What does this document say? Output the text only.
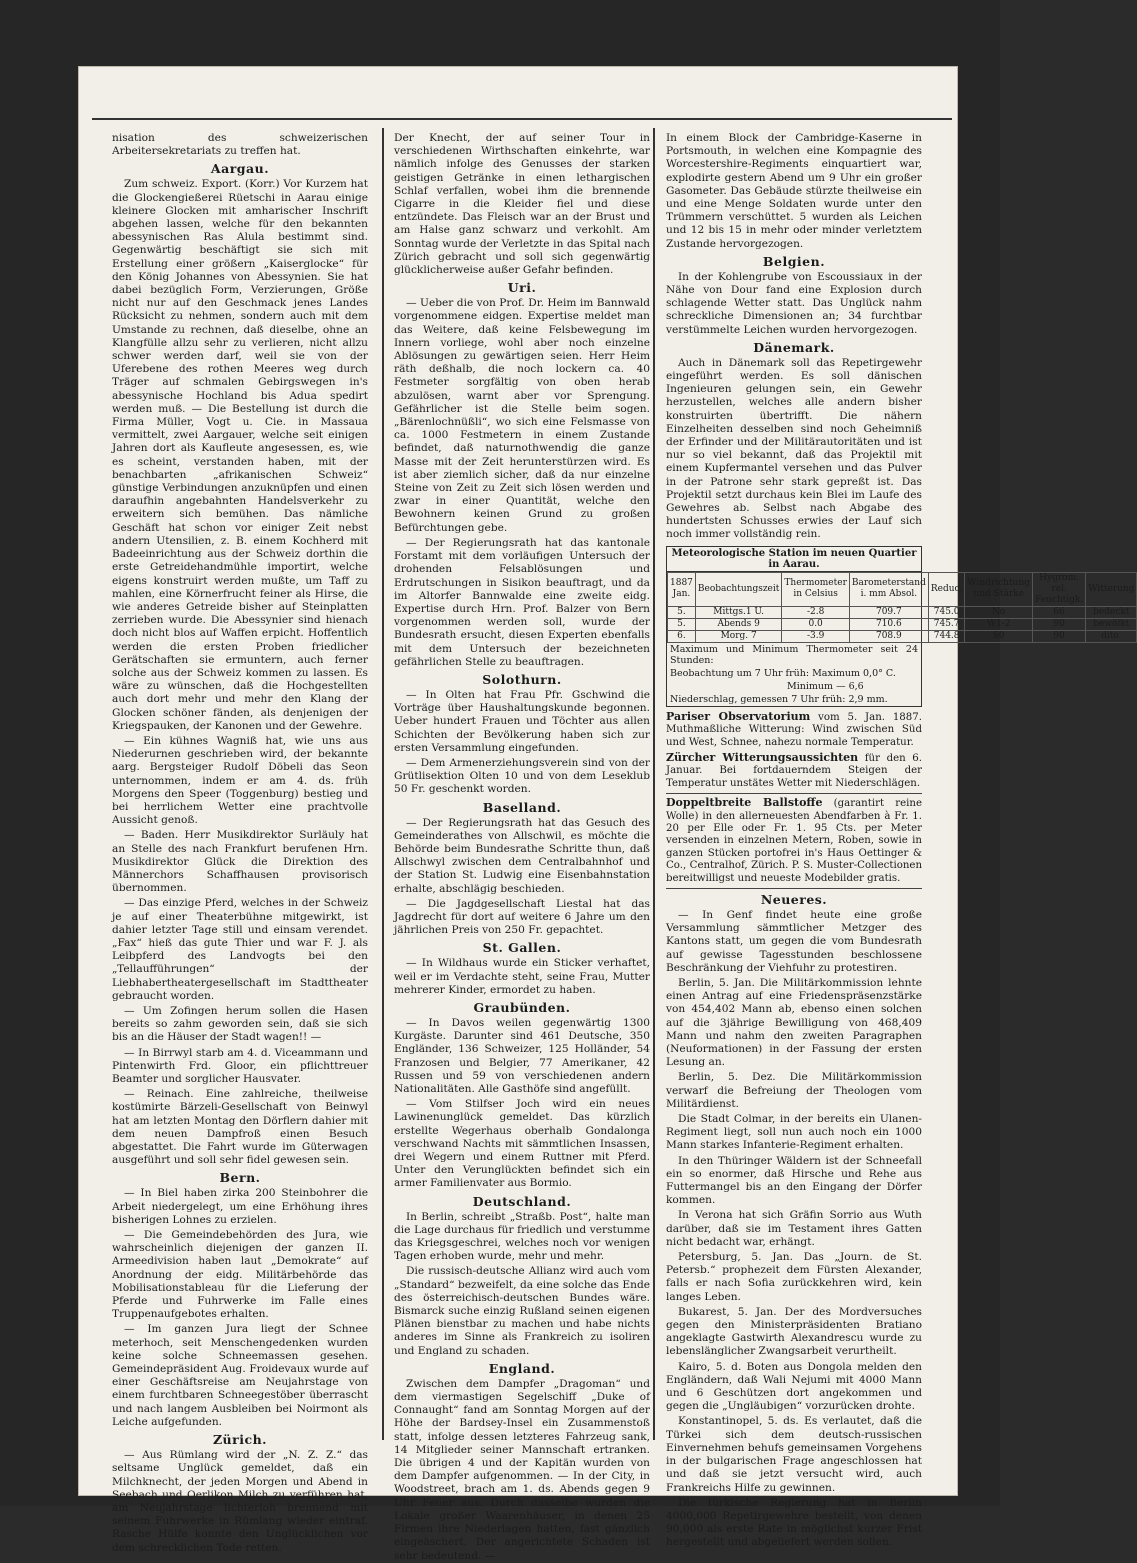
nisation des schweizerischen Arbeitersekretariats zu treffen hat.

Aargau.

Zum schweiz. Export. (Korr.) Vor Kurzem hat die Glockengießerei Rüetschi in Aarau einige kleinere Glocken mit amharischer Inschrift abgehen lassen, welche für den bekannten abessynischen Ras Alula bestimmt sind. Gegenwärtig beschäftigt sie sich mit Erstellung einer größern „Kaiserglocke“ für den König Johannes von Abessynien. Sie hat dabei bezüglich Form, Verzierungen, Größe nicht nur auf den Geschmack jenes Landes Rücksicht zu nehmen, sondern auch mit dem Umstande zu rechnen, daß dieselbe, ohne an Klangfülle allzu sehr zu verlieren, nicht allzu schwer werden darf, weil sie von der Uferebene des rothen Meeres weg durch Träger auf schmalen Gebirgswegen in's abessynische Hochland bis Adua spedirt werden muß. — Die Bestellung ist durch die Firma Müller, Vogt u. Cie. in Massaua vermittelt, zwei Aargauer, welche seit einigen Jahren dort als Kaufleute angesessen, es, wie es scheint, verstanden haben, mit der benachbarten „afrikanischen Schweiz“ günstige Verbindungen anzuknüpfen und einen daraufhin angebahnten Handelsverkehr zu erweitern sich bemühen. Das nämliche Geschäft hat schon vor einiger Zeit nebst andern Utensilien, z. B. einem Kochherd mit Badeeinrichtung aus der Schweiz dorthin die erste Getreidehandmühle importirt, welche eigens konstruirt werden mußte, um Taff zu mahlen, eine Körnerfrucht feiner als Hirse, die wie anderes Getreide bisher auf Steinplatten zerrieben wurde. Die Abessynier sind hienach doch nicht blos auf Waffen erpicht. Hoffentlich werden die ersten Proben friedlicher Gerätschaften sie ermuntern, auch ferner solche aus der Schweiz kommen zu lassen. Es wäre zu wünschen, daß die Hochgestellten auch dort mehr und mehr den Klang der Glocken schöner fänden, als denjenigen der Kriegspauken, der Kanonen und der Gewehre.

— Ein kühnes Wagniß hat, wie uns aus Niederurnen geschrieben wird, der bekannte aarg. Bergsteiger Rudolf Döbeli das Seon unternommen, indem er am 4. ds. früh Morgens den Speer (Toggenburg) bestieg und bei herrlichem Wetter eine prachtvolle Aussicht genoß.

— Baden. Herr Musikdirektor Surläuly hat an Stelle des nach Frankfurt berufenen Hrn. Musikdirektor Glück die Direktion des Männerchors Schaffhausen provisorisch übernommen.

— Das einzige Pferd, welches in der Schweiz je auf einer Theaterbühne mitgewirkt, ist dahier letzter Tage still und einsam verendet. „Fax“ hieß das gute Thier und war F. J. als Leibpferd des Landvogts bei den „Tellaufführungen“ der Liebhabertheatergesellschaft im Stadttheater gebraucht worden.

— Um Zofingen herum sollen die Hasen bereits so zahm geworden sein, daß sie sich bis an die Häuser der Stadt wagen!! —

— In Birrwyl starb am 4. d. Viceammann und Pintenwirth Frd. Gloor, ein pflichttreuer Beamter und sorglicher Hausvater.

— Reinach. Eine zahlreiche, theilweise kostümirte Bärzeli-Gesellschaft von Beinwyl hat am letzten Montag den Dörflern dahier mit dem neuen Dampfroß einen Besuch abgestattet. Die Fahrt wurde im Güterwagen ausgeführt und soll sehr fidel gewesen sein.

Bern.

— In Biel haben zirka 200 Steinbohrer die Arbeit niedergelegt, um eine Erhöhung ihres bisherigen Lohnes zu erzielen.

— Die Gemeindebehörden des Jura, wie wahrscheinlich diejenigen der ganzen II. Armeedivision haben laut „Demokrate“ auf Anordnung der eidg. Militärbehörde das Mobilisationstableau für die Lieferung der Pferde und Fuhrwerke im Falle eines Truppenaufgebotes erhalten.

— Im ganzen Jura liegt der Schnee meterhoch, seit Menschengedenken wurden keine solche Schneemassen gesehen. Gemeindepräsident Aug. Froidevaux wurde auf einer Geschäftsreise am Neujahrstage von einem furchtbaren Schneegestöber überrascht und nach langem Ausbleiben bei Noirmont als Leiche aufgefunden.

Zürich.

— Aus Rümlang wird der „N. Z. Z.“ das seltsame Unglück gemeldet, daß ein Milchknecht, der jeden Morgen und Abend in Seebach und Oerlikon Milch zu verführen hat, am Neujahrstage lichterloh brennend mit seinem Fuhrwerke in Rümlang wieder eintraf. Rasche Hülfe konnte den Unglücklichen vor dem schrecklichen Tode retten.

Der Knecht, der auf seiner Tour in verschiedenen Wirthschaften einkehrte, war nämlich infolge des Genusses der starken geistigen Getränke in einen lethargischen Schlaf verfallen, wobei ihm die brennende Cigarre in die Kleider fiel und diese entzündete. Das Fleisch war an der Brust und am Halse ganz schwarz und verkohlt. Am Sonntag wurde der Verletzte in das Spital nach Zürich gebracht und soll sich gegenwärtig glücklicherweise außer Gefahr befinden.

Uri.

— Ueber die von Prof. Dr. Heim im Bannwald vorgenommene eidgen. Expertise meldet man das Weitere, daß keine Felsbewegung im Innern vorliege, wohl aber noch einzelne Ablösungen zu gewärtigen seien. Herr Heim räth deßhalb, die noch lockern ca. 40 Festmeter sorgfältig von oben herab abzulösen, warnt aber vor Sprengung. Gefährlicher ist die Stelle beim sogen. „Bärenlochnüßli“, wo sich eine Felsmasse von ca. 1000 Festmetern in einem Zustande befindet, daß naturnothwendig die ganze Masse mit der Zeit herunterstürzen wird. Es ist aber ziemlich sicher, daß da nur einzelne Steine von Zeit zu Zeit sich lösen werden und zwar in einer Quantität, welche den Bewohnern keinen Grund zu großen Befürchtungen gebe.

— Der Regierungsrath hat das kantonale Forstamt mit dem vorläufigen Untersuch der drohenden Felsablösungen und Erdrutschungen in Sisikon beauftragt, und da im Altorfer Bannwalde eine zweite eidg. Expertise durch Hrn. Prof. Balzer von Bern vorgenommen werden soll, wurde der Bundesrath ersucht, diesen Experten ebenfalls mit dem Untersuch der bezeichneten gefährlichen Stelle zu beauftragen.

Solothurn.

— In Olten hat Frau Pfr. Gschwind die Vorträge über Haushaltungskunde begonnen. Ueber hundert Frauen und Töchter aus allen Schichten der Bevölkerung haben sich zur ersten Versammlung eingefunden.

— Dem Armenerziehungsverein sind von der Grütlisektion Olten 10 und von dem Leseklub 50 Fr. geschenkt worden.

Baselland.

— Der Regierungsrath hat das Gesuch des Gemeinderathes von Allschwil, es möchte die Behörde beim Bundesrathe Schritte thun, daß Allschwyl zwischen dem Centralbahnhof und der Station St. Ludwig eine Eisenbahnstation erhalte, abschlägig beschieden.

— Die Jagdgesellschaft Liestal hat das Jagdrecht für dort auf weitere 6 Jahre um den jährlichen Preis von 250 Fr. gepachtet.

St. Gallen.

— In Wildhaus wurde ein Sticker verhaftet, weil er im Verdachte steht, seine Frau, Mutter mehrerer Kinder, ermordet zu haben.

Graubünden.

— In Davos weilen gegenwärtig 1300 Kurgäste. Darunter sind 461 Deutsche, 350 Engländer, 136 Schweizer, 125 Holländer, 54 Franzosen und Belgier, 77 Amerikaner, 42 Russen und 59 von verschiedenen andern Nationalitäten. Alle Gasthöfe sind angefüllt.

— Vom Stilfser Joch wird ein neues Lawinenunglück gemeldet. Das kürzlich erstellte Wegerhaus oberhalb Gondalonga verschwand Nachts mit sämmtlichen Insassen, drei Wegern und einem Ruttner mit Pferd. Unter den Verunglückten befindet sich ein armer Familienvater aus Bormio.

Deutschland.

In Berlin, schreibt „Straßb. Post“, halte man die Lage durchaus für friedlich und verstumme das Kriegsgeschrei, welches noch vor wenigen Tagen erhoben wurde, mehr und mehr.

Die russisch-deutsche Allianz wird auch vom „Standard“ bezweifelt, da eine solche das Ende des österreichisch-deutschen Bundes wäre. Bismarck suche einzig Rußland seinen eigenen Plänen bienstbar zu machen und habe nichts anderes im Sinne als Frankreich zu isoliren und England zu schaden.

England.

Zwischen dem Dampfer „Dragoman“ und dem viermastigen Segelschiff „Duke of Connaught“ fand am Sonntag Morgen auf der Höhe der Bardsey-Insel ein Zusammenstoß statt, infolge dessen letzteres Fahrzeug sank, 14 Mitglieder seiner Mannschaft ertranken. Die übrigen 4 und der Kapitän wurden von dem Dampfer aufgenommen. — In der City, in Woodstreet, brach am 1. ds. Abends gegen 9 Uhr Feuer aus. Durch dasselbe wurden die Lokale großer Waarenhäuser, in denen 25 Firmen ihre Niederlagen hatten, fast gänzlich eingeäschert. Der angerichtete Schaden ist sehr bedeutend. —

In einem Block der Cambridge-Kaserne in Portsmouth, in welchen eine Kompagnie des Worcestershire-Regiments einquartiert war, explodirte gestern Abend um 9 Uhr ein großer Gasometer. Das Gebäude stürzte theilweise ein und eine Menge Soldaten wurde unter den Trümmern verschüttet. 5 wurden als Leichen und 12 bis 15 in mehr oder minder verletztem Zustande hervorgezogen.

Belgien.

In der Kohlengrube von Escoussiaux in der Nähe von Dour fand eine Explosion durch schlagende Wetter statt. Das Unglück nahm schreckliche Dimensionen an; 34 furchtbar verstümmelte Leichen wurden hervorgezogen.

Dänemark.

Auch in Dänemark soll das Repetirgewehr eingeführt werden. Es soll dänischen Ingenieuren gelungen sein, ein Gewehr herzustellen, welches alle andern bisher konstruirten übertrifft. Die nähern Einzelheiten desselben sind noch Geheimniß der Erfinder und der Militärautoritäten und ist nur so viel bekannt, daß das Projektil mit einem Kupfermantel versehen und das Pulver in der Patrone sehr stark gepreßt ist. Das Projektil setzt durchaus kein Blei im Laufe des Gewehres ab. Selbst nach Abgabe des hundertsten Schusses erwies der Lauf sich noch immer vollständig rein.

Meteorologische Station im neuen Quartier in Aarau.
1887 Jan.	Beobachtungszeit	Thermometer in Celsius	Barometerstand i. mm Absol.	Reduc.	Windrichtung und Stärke	Hygrom. rel. Feuchtigk.	Witterung
5.	Mittgs.1 U.	-2.8	709.7	745.0	No	66	bedeckt
5.	Abends 9	0.0	710.6	745.7	W1-2	90	bewölkt
6.	Morg. 7	-3.9	708.9	744.8	S0	90	dito.
Maximum und Minimum Thermometer seit 24 Stunden:
Beobachtung um 7 Uhr früh: Maximum 0,0° C.
Minimum — 6,6
Niederschlag, gemessen 7 Uhr früh: 2,9 mm.
Pariser Observatorium vom 5. Jan. 1887. Muthmaßliche Witterung: Wind zwischen Süd und West, Schnee, nahezu normale Temperatur.
Zürcher Witterungsaussichten für den 6. Januar. Bei fortdauerndem Steigen der Temperatur unstätes Wetter mit Niederschlägen.
Doppeltbreite Ballstoffe (garantirt reine Wolle) in den allerneuesten Abendfarben à Fr. 1. 20 per Elle oder Fr. 1. 95 Cts. per Meter versenden in einzelnen Metern, Roben, sowie in ganzen Stücken portofrei in's Haus Oettinger & Co., Centralhof, Zürich. P. S. Muster-Collectionen bereitwilligst und neueste Modebilder gratis.
Neueres.

— In Genf findet heute eine große Versammlung sämmtlicher Metzger des Kantons statt, um gegen die vom Bundesrath auf gewisse Tagesstunden beschlossene Beschränkung der Viehfuhr zu protestiren.

Berlin, 5. Jan. Die Militärkommission lehnte einen Antrag auf eine Friedenspräsenzstärke von 454,402 Mann ab, ebenso einen solchen auf die 3jährige Bewilligung von 468,409 Mann und nahm den zweiten Paragraphen (Neuformationen) in der Fassung der ersten Lesung an.

Berlin, 5. Dez. Die Militärkommission verwarf die Befreiung der Theologen vom Militärdienst.

Die Stadt Colmar, in der bereits ein Ulanen-Regiment liegt, soll nun auch noch ein 1000 Mann starkes Infanterie-Regiment erhalten.

In den Thüringer Wäldern ist der Schneefall ein so enormer, daß Hirsche und Rehe aus Futtermangel bis an den Eingang der Dörfer kommen.

In Verona hat sich Gräfin Sorrio aus Wuth darüber, daß sie im Testament ihres Gatten nicht bedacht war, erhängt.

Petersburg, 5. Jan. Das „Journ. de St. Petersb.“ prophezeit dem Fürsten Alexander, falls er nach Sofia zurückkehren wird, kein langes Leben.

Bukarest, 5. Jan. Der des Mordversuches gegen den Ministerpräsidenten Bratiano angeklagte Gastwirth Alexandrescu wurde zu lebenslänglicher Zwangsarbeit verurtheilt.

Kairo, 5. d. Boten aus Dongola melden den Engländern, daß Wali Nejumi mit 4000 Mann und 6 Geschützen dort angekommen und gegen die „Ungläubigen“ vorzurücken drohte.

Konstantinopel, 5. ds. Es verlautet, daß die Türkei sich dem deutsch-russischen Einvernehmen behufs gemeinsamen Vorgehens in der bulgarischen Frage angeschlossen hat und daß sie jetzt versucht wird, auch Frankreichs Hilfe zu gewinnen.

Die türkische Regierung hat in Berlin 4000,000 Repetirgewehre bestellt, von denen 90,000 als erste Rate in möglichst kurzer Frist hergestellt und abgeliefert werden sollen.
